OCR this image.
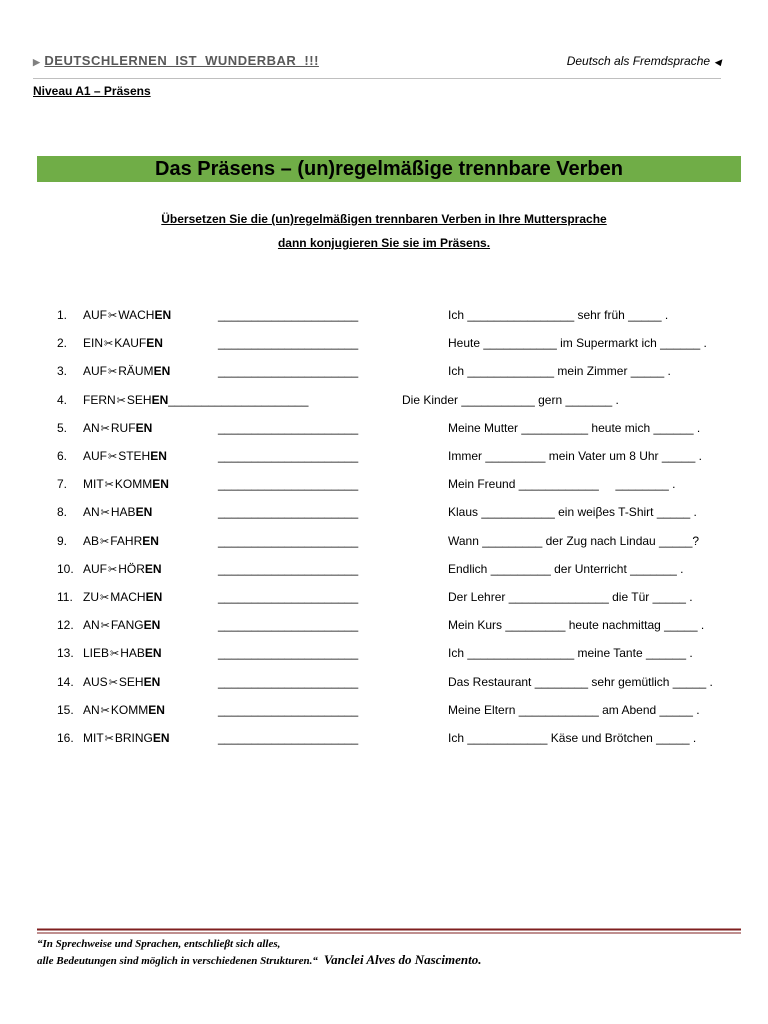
▶ DEUTSCHLERNEN IST WUNDERBAR !!!	Deutsch als Fremdsprache ◀
Niveau A1 – Präsens
Das Präsens – (un)regelmäßige trennbare Verben
Übersetzen Sie die (un)regelmäßigen trennbaren Verben in Ihre Muttersprache
dann konjugieren Sie sie im Präsens.
1.	AUF✂WACHEN	_____________________	Ich ________________ sehr früh _____ .
2.	EIN✂KAUFEN	_____________________	Heute ___________ im Supermarkt ich ______ .
3.	AUF✂RÄUMEN	_____________________	Ich _____________ mein Zimmer _____ .
4.	FERN✂SEHEN_____________________	Die Kinder ___________ gern _______ .
5.	AN✂RUFEN	_____________________	Meine Mutter __________ heute mich ______ .
6.	AUF✂STEHEN	_____________________	Immer _________ mein Vater um 8 Uhr _____ .
7.	MIT✂KOMMEN	_____________________	Mein Freund ____________     ________ .
8.	AN✂HABEN	_____________________	Klaus ___________ ein weiβes T-Shirt _____ .
9.	AB✂FAHREN	_____________________	Wann _________ der Zug nach Lindau _____?
10. AUF✂HÖREN	_____________________	Endlich _________ der Unterricht _______ .
11. ZU✂MACHEN	_____________________	Der Lehrer _______________ die Tür _____ .
12. AN✂FANGEN	_____________________	Mein Kurs _________ heute nachmittag _____ .
13. LIEB✂HABEN	_____________________	Ich ________________ meine Tante ______ .
14. AUS✂SEHEN	_____________________	Das Restaurant ________ sehr gemütlich _____ .
15. AN✂KOMMEN	_____________________	Meine Eltern ____________ am Abend _____ .
16. MIT✂BRINGEN	_____________________	Ich ____________ Käse und Brötchen _____ .
“In Sprechweise und Sprachen, entschlieβt sich alles,
alle Bedeutungen sind möglich in verschiedenen Strukturen.“ Vanclei Alves do Nascimento.
